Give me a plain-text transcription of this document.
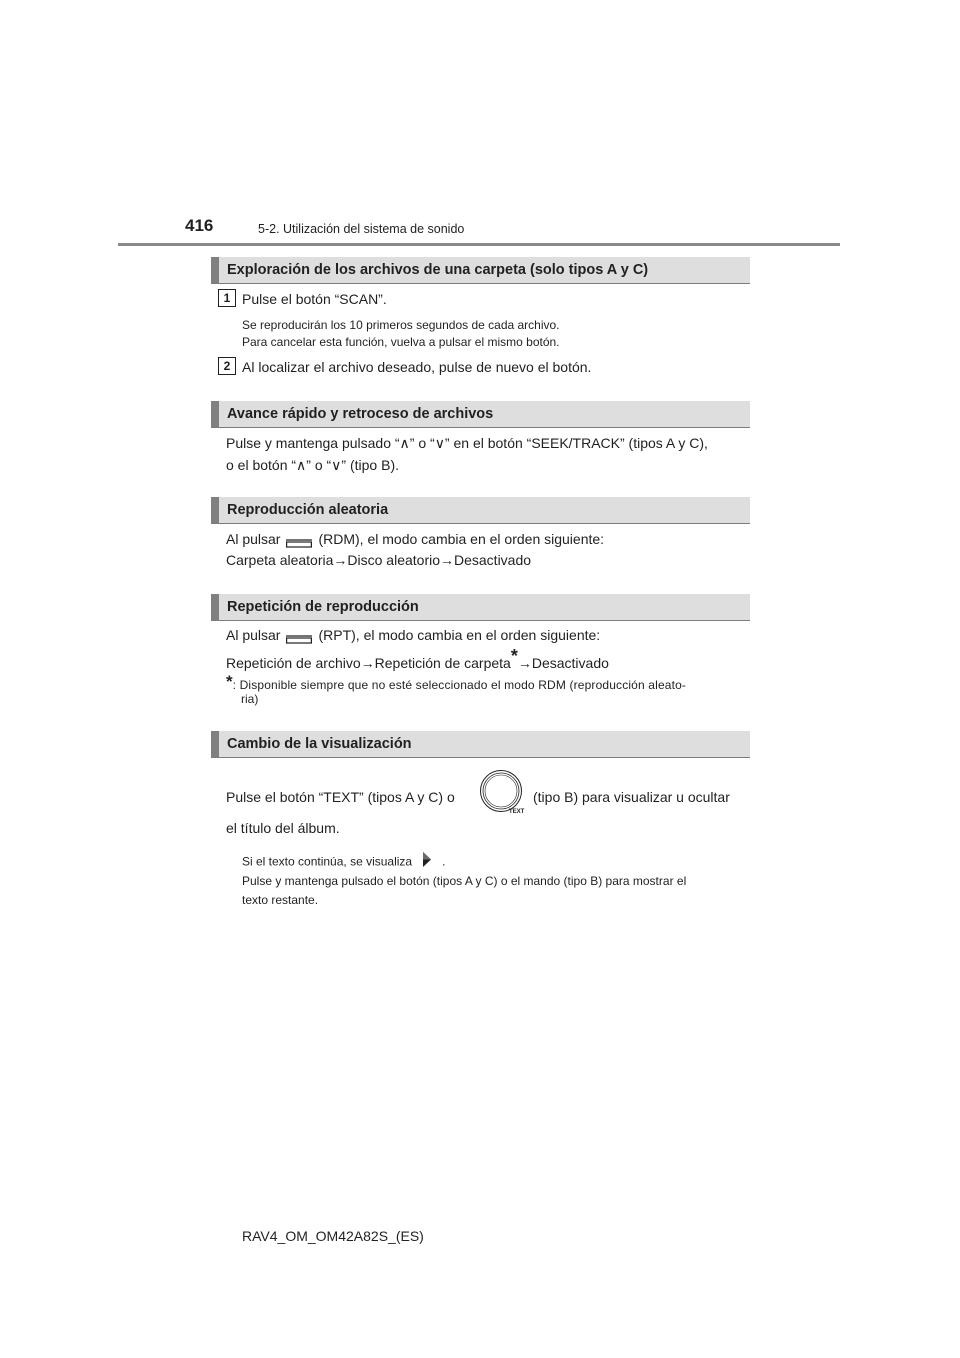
416	5-2. Utilización del sistema de sonido
Exploración de los archivos de una carpeta (solo tipos A y C)
1 Pulse el botón “SCAN”.
Se reproducirán los 10 primeros segundos de cada archivo.
Para cancelar esta función, vuelva a pulsar el mismo botón.
2 Al localizar el archivo deseado, pulse de nuevo el botón.
Avance rápido y retroceso de archivos
Pulse y mantenga pulsado “∧” o “∨” en el botón “SEEK/TRACK” (tipos A y C),
o el botón “∧” o “∨” (tipo B).
Reproducción aleatoria
Al pulsar	(RDM), el modo cambia en el orden siguiente:
Carpeta aleatoria→Disco aleatorio→Desactivado
Repetición de reproducción
Al pulsar	(RPT), el modo cambia en el orden siguiente:
Repetición de archivo→Repetición de carpeta*→Desactivado
*: Disponible siempre que no esté seleccionado el modo RDM (reproducción aleato-
ria)
Cambio de la visualización
Pulse el botón “TEXT” (tipos A y C) o
TEXT
(tipo B) para visualizar u ocultar
el título del álbum.
Si el texto continúa, se visualiza	.
Pulse y mantenga pulsado el botón (tipos A y C) o el mando (tipo B) para mostrar el
texto restante.
RAV4_OM_OM42A82S_(ES)
